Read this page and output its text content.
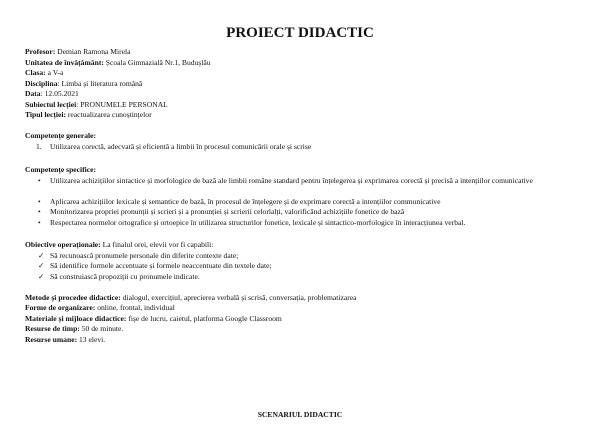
PROIECT DIDACTIC
Profesor: Demian Ramona Mirela
Unitatea de învățământ: Școala Gimnazială Nr.1, Budușlău
Clasa: a V-a
Disciplina: Limba și literatura română
Data: 12.05.2021
Subiectul lecției: PRONUMELE PERSONAL
Tipul lecției: reactualizarea cunoștințelor
Competențe generale:
1. Utilizarea corectă, adecvată și eficientă a limbii în procesul comunicării orale și scrise
Competențe specifice:
• Utilizarea achizițiilor sintactice și morfologice de bază ale limbii române standard pentru înțelegerea și exprimarea corectă și precisă a intențiilor comunicative
• Aplicarea achizițiilor lexicale și semantice de bază, în procesul de înțelegere și de exprimare corectă a intențiilor communicative
• Monitorizarea propriei pronunții și scrieri și a pronunției și scrierii celorlalți, valorificând achizițiile fonetice de bază
• Respectarea normelor ortografice și ortoepice în utilizarea structurilor fonetice, lexicale și sintactico-morfologice în interacțiunea verbal.
Obiective operaționale: La finalul orei, elevii vor fi capabili:
✓ Să recunoască pronumele personale din diferite contexte date;
✓ Să identifice formele accentuate și formele neaccentuate din textele date;
✓ Să construiască propoziții cu pronumele indicate.
Metode și procedee didactice: dialogul, exercițiul, aprecierea verbală și scrisă, conversația, problematizarea
Forme de organizare: online, frontal, individual
Materiale și mijloace didactice: fișe de lucru, caietul, platforma Google Classroom
Resurse de timp: 50 de minute.
Resurse umane: 13 elevi.
SCENARIUL DIDACTIC
